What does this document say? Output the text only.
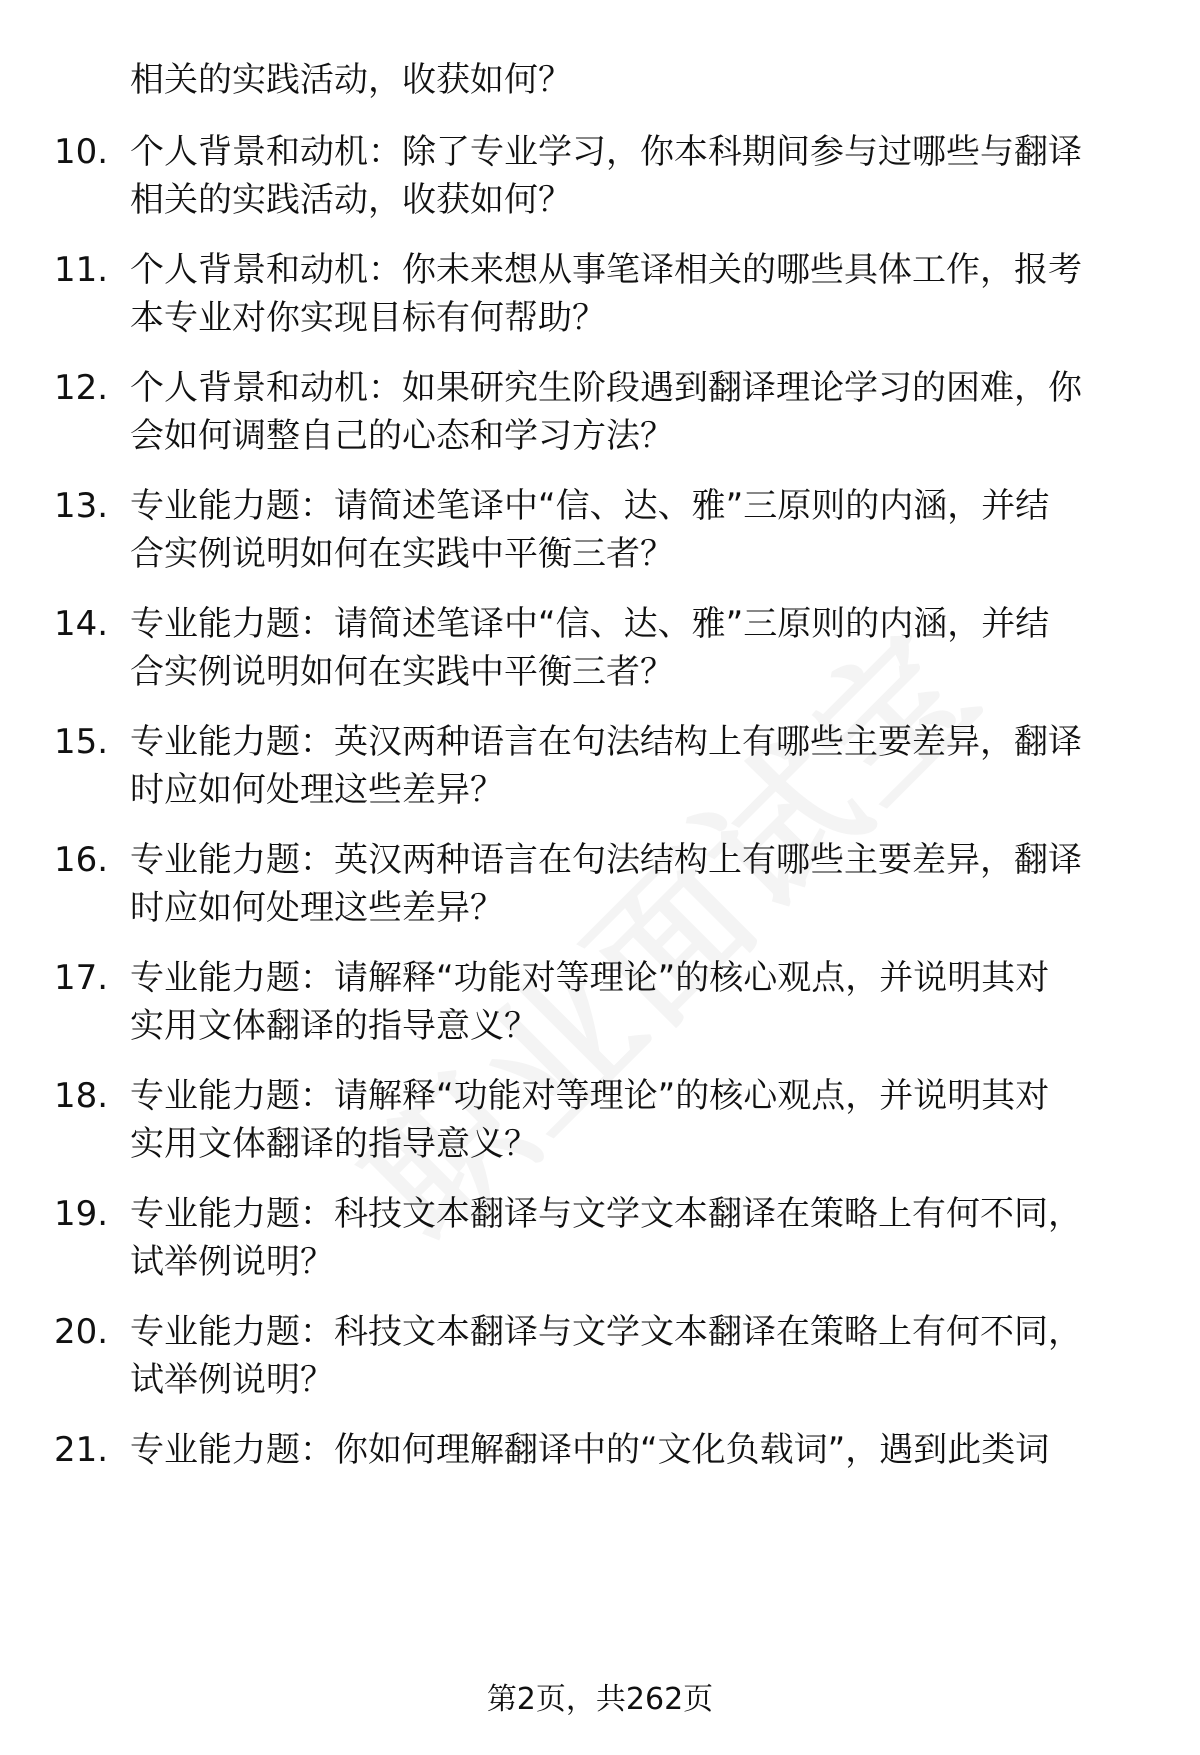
相关的实践活动，收获如何？
10. 个人背景和动机：除了专业学习，你本科期间参与过哪些与翻译
相关的实践活动，收获如何？
11. 个人背景和动机：你未来想从事笔译相关的哪些具体工作，报考
本专业对你实现目标有何帮助？
12. 个人背景和动机：如果研究生阶段遇到翻译理论学习的困难，你
会如何调整自己的心态和学习方法？
13. 专业能力题：请简述笔译中“信、达、雅”三原则的内涵，并结
合实例说明如何在实践中平衡三者？
14. 专业能力题：请简述笔译中“信、达、雅”三原则的内涵，并结
合实例说明如何在实践中平衡三者？
15. 专业能力题：英汉两种语言在句法结构上有哪些主要差异，翻译
时应如何处理这些差异？
16. 专业能力题：英汉两种语言在句法结构上有哪些主要差异，翻译
时应如何处理这些差异？
17. 专业能力题：请解释“功能对等理论”的核心观点，并说明其对
实用文体翻译的指导意义？
18. 专业能力题：请解释“功能对等理论”的核心观点，并说明其对
实用文体翻译的指导意义？
19. 专业能力题：科技文本翻译与文学文本翻译在策略上有何不同，
试举例说明？
20. 专业能力题：科技文本翻译与文学文本翻译在策略上有何不同，
试举例说明？
21. 专业能力题：你如何理解翻译中的“文化负载词”，遇到此类词
第2页，共262页
